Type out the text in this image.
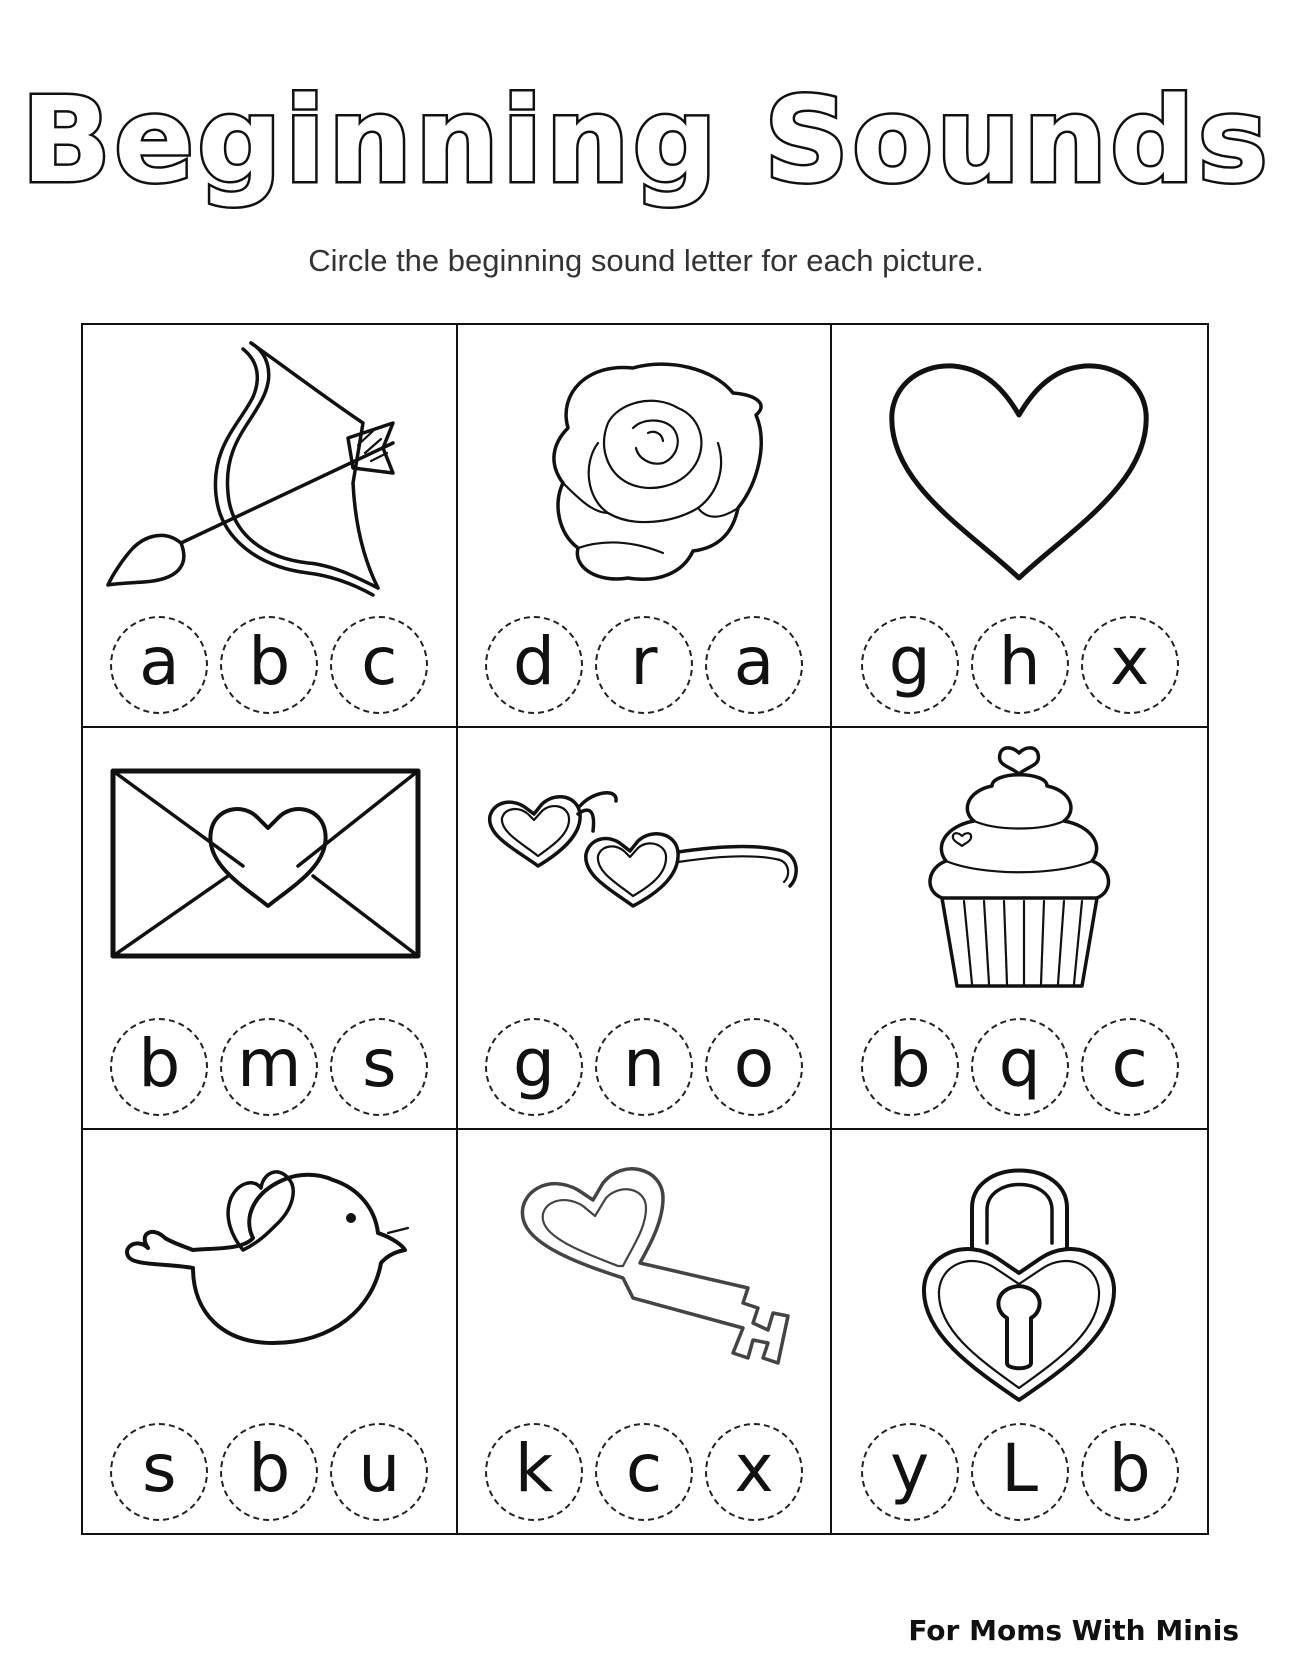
Beginning Sounds
Circle the beginning sound letter for each picture.
a	b	c	d	r	a	g	h	x
b m s	g	n	o	b	q	c
s	b	u	k	c	x	y	L	b
For Moms With Minis
